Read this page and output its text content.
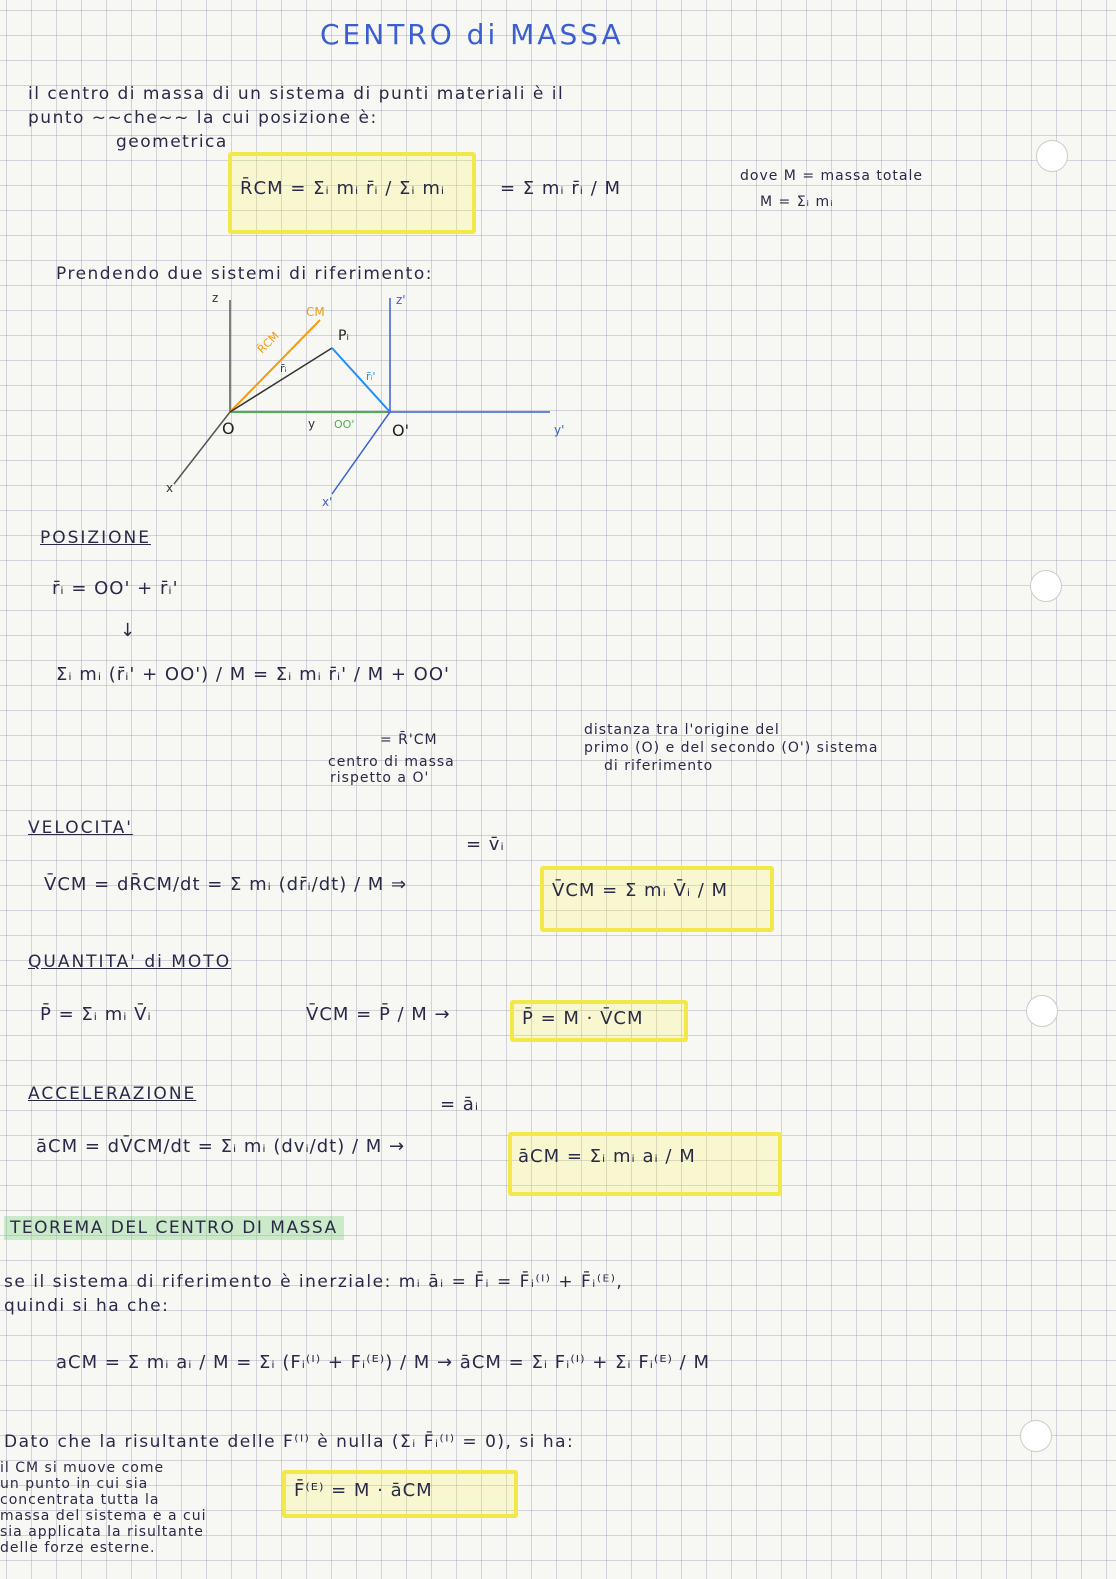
CENTRO di MASSA
il centro di massa di un sistema di punti materiali è il
punto ~~che~~ la cui posizione è:
geometrica
R̄CM = Σᵢ mᵢ r̄ᵢ / Σᵢ mᵢ	= Σ mᵢ r̄ᵢ / M
dove M = massa totale
M = Σᵢ mᵢ
Prendendo due sistemi di riferimento:
O	O'
z	z'
y'
x'
x
y
Pᵢ
CM
R̄CM
r̄ᵢ
r̄ᵢ'
OO'
POSIZIONE
r̄ᵢ = OO' + r̄ᵢ'
↓
Σᵢ mᵢ (r̄ᵢ' + OO') / M = Σᵢ mᵢ r̄ᵢ' / M + OO'
= R̄'CM
centro di massa
rispetto a O'
distanza tra l'origine del
primo (O) e del secondo (O') sistema
di riferimento
VELOCITA'
= v̄ᵢ
V̄CM = dR̄CM/dt = Σ mᵢ (dr̄ᵢ/dt) / M ⇒	V̄CM = Σ mᵢ V̄ᵢ / M
QUANTITA' di MOTO
P̄ = Σᵢ mᵢ V̄ᵢ	V̄CM = P̄ / M →	P̄ = M · V̄CM
ACCELERAZIONE	= āᵢ
āCM = dV̄CM/dt = Σᵢ mᵢ (dvᵢ/dt) / M →	āCM = Σᵢ mᵢ aᵢ / M
TEOREMA DEL CENTRO DI MASSA
se il sistema di riferimento è inerziale: mᵢ āᵢ = F̄ᵢ = F̄ᵢ⁽ᴵ⁾ + F̄ᵢ⁽ᴱ⁾,
quindi si ha che:
aCM = Σ mᵢ aᵢ / M = Σᵢ (Fᵢ⁽ᴵ⁾ + Fᵢ⁽ᴱ⁾) / M → āCM = Σᵢ Fᵢ⁽ᴵ⁾ + Σᵢ Fᵢ⁽ᴱ⁾ / M
Dato che la risultante delle F⁽ᴵ⁾ è nulla (Σᵢ F̄ᵢ⁽ᴵ⁾ = 0), si ha:
il CM si muove come
un punto in cui sia
concentrata tutta la
massa del sistema e a cui
sia applicata la risultante
delle forze esterne.
F̄⁽ᴱ⁾ = M · āCM
